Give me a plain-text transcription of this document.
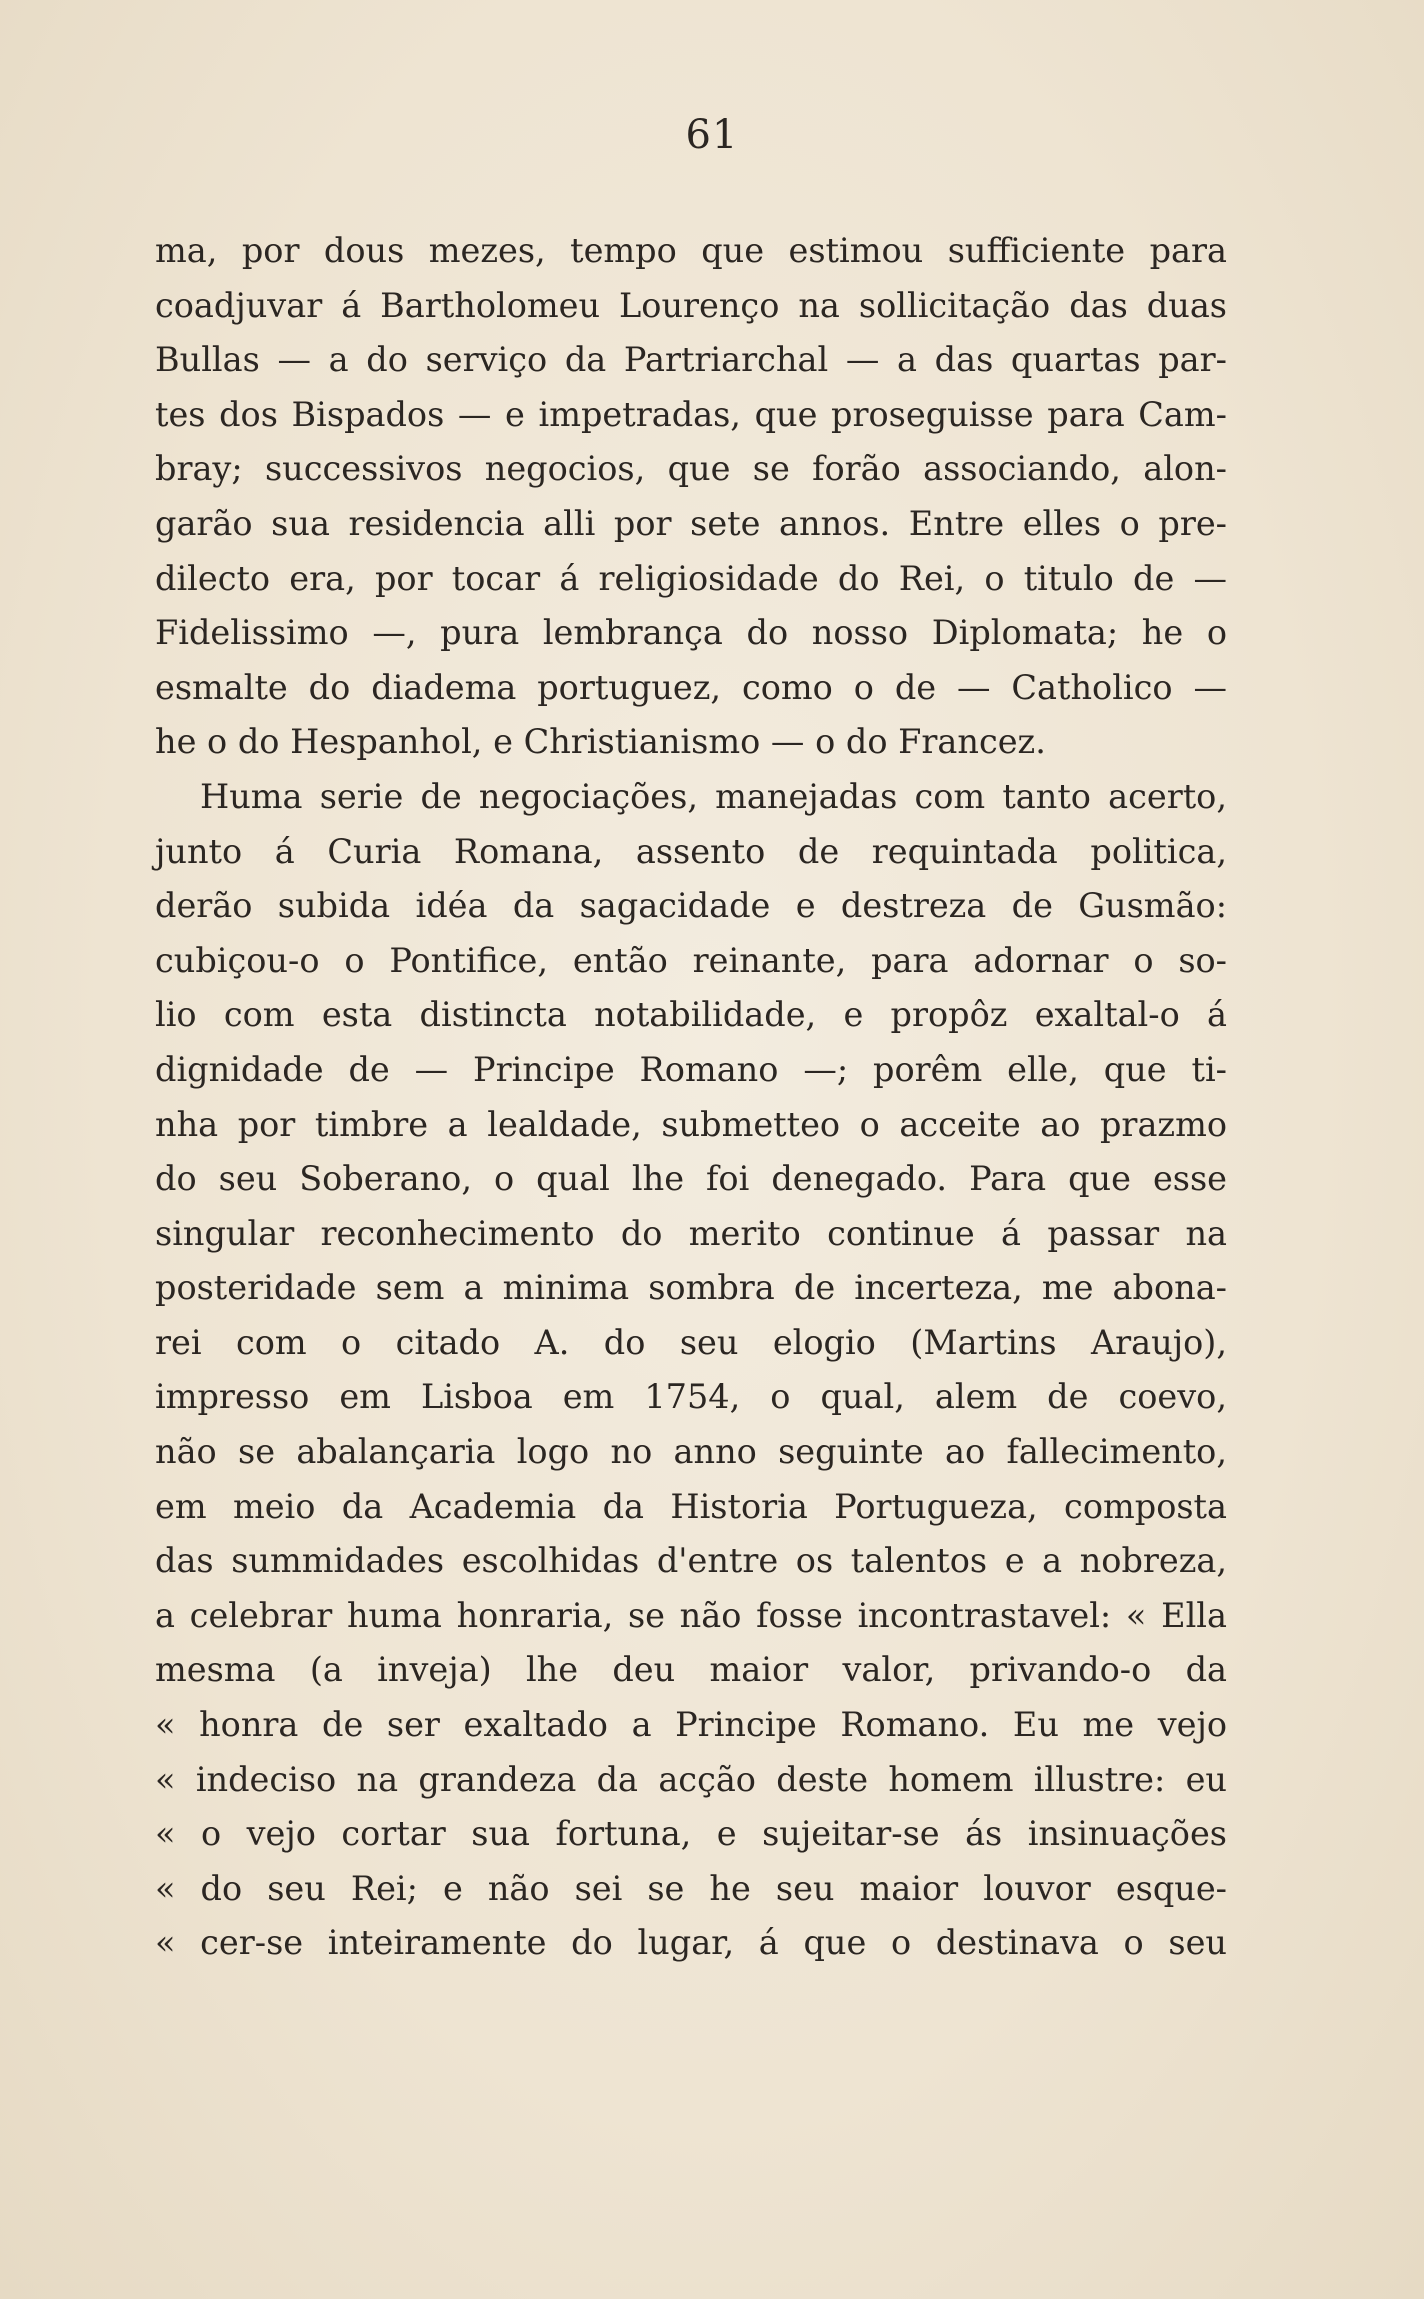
61
ma, por dous mezes, tempo que estimou sufficiente para
coadjuvar á Bartholomeu Lourenço na sollicitação das duas
Bullas — a do serviço da Partriarchal — a das quartas par-
tes dos Bispados — e impetradas, que proseguisse para Cam-
bray; successivos negocios, que se forão associando, alon-
garão sua residencia alli por sete annos. Entre elles o pre-
dilecto era, por tocar á religiosidade do Rei, o titulo de —
Fidelissimo —, pura lembrança do nosso Diplomata; he o
esmalte do diadema portuguez, como o de — Catholico —
he o do Hespanhol, e Christianismo — o do Francez.
Huma serie de negociações, manejadas com tanto acerto,
junto á Curia Romana, assento de requintada politica,
derão subida idéa da sagacidade e destreza de Gusmão:
cubiçou-o o Pontifice, então reinante, para adornar o so-
lio com esta distincta notabilidade, e propôz exaltal-o á
dignidade de — Principe Romano —; porêm elle, que ti-
nha por timbre a lealdade, submetteo o acceite ao prazmo
do seu Soberano, o qual lhe foi denegado. Para que esse
singular reconhecimento do merito continue á passar na
posteridade sem a minima sombra de incerteza, me abona-
rei com o citado A. do seu elogio (Martins Araujo),
impresso em Lisboa em 1754, o qual, alem de coevo,
não se abalançaria logo no anno seguinte ao fallecimento,
em meio da Academia da Historia Portugueza, composta
das summidades escolhidas d'entre os talentos e a nobreza,
a celebrar huma honraria, se não fosse incontrastavel: « Ella
mesma (a inveja) lhe deu maior valor, privando-o da
« honra de ser exaltado a Principe Romano. Eu me vejo
« indeciso na grandeza da acção deste homem illustre: eu
« o vejo cortar sua fortuna, e sujeitar-se ás insinuações
« do seu Rei; e não sei se he seu maior louvor esque-
« cer-se inteiramente do lugar, á que o destinava o seu
